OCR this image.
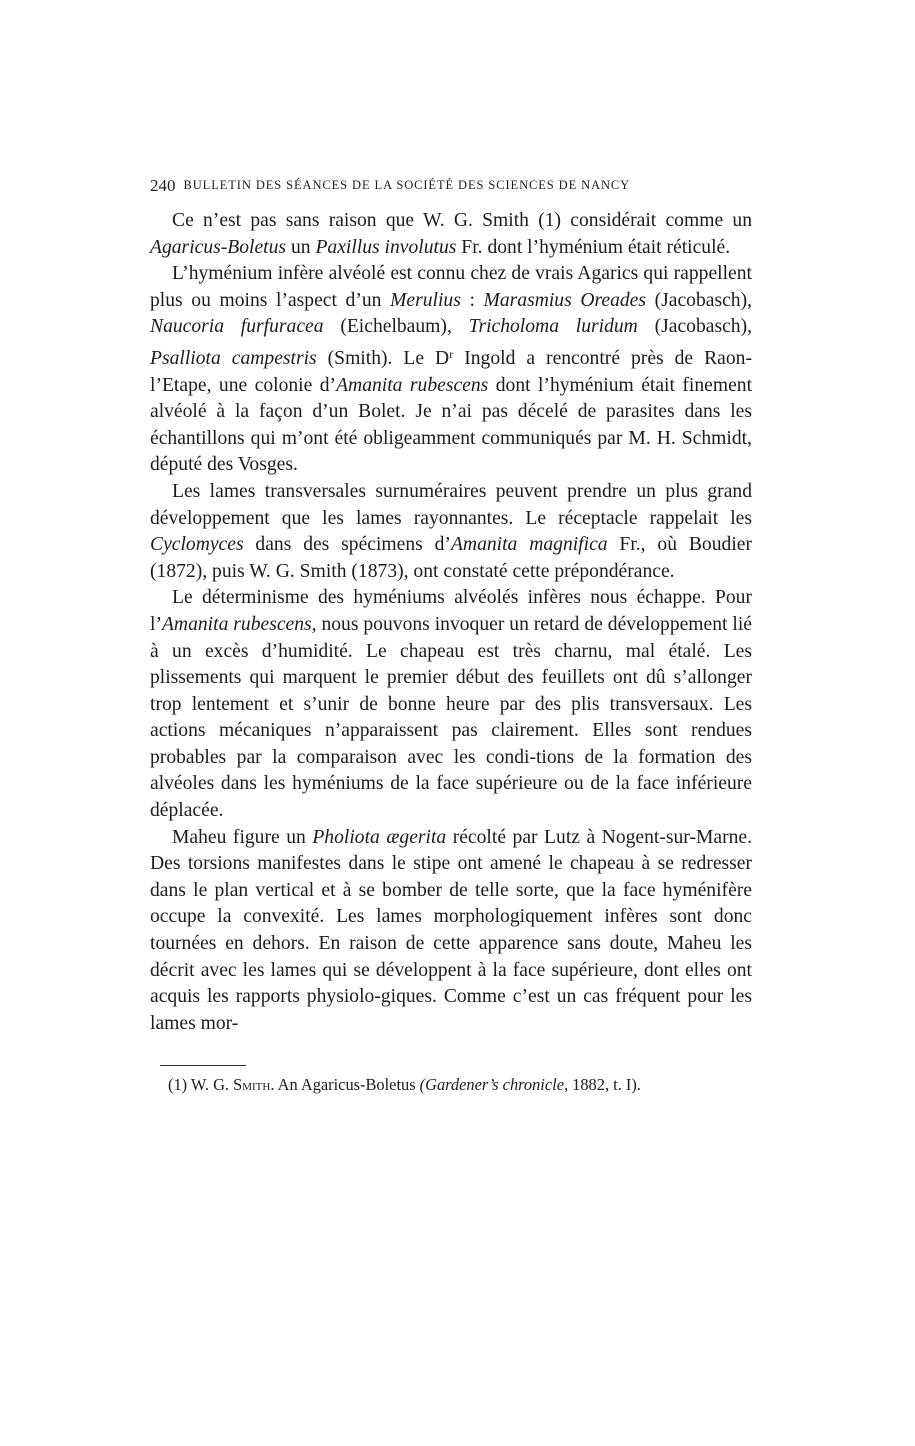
240 BULLETIN DES SÉANCES DE LA SOCIÉTÉ DES SCIENCES DE NANCY

Ce n’est pas sans raison que W. G. Smith (1) considérait comme un Agaricus-Boletus un Paxillus involutus Fr. dont l’hyménium était réticulé.

L’hyménium infère alvéolé est connu chez de vrais Agarics qui rappellent plus ou moins l’aspect d’un Merulius : Marasmius Oreades (Jacobasch), Naucoria furfuracea (Eichelbaum), Tricholoma luridum (Jacobasch), Psalliota campestris (Smith). Le $D^r$ Ingold a rencontré près de Raon-l’Etape, une colonie d’Amanita rubescens dont l’hyménium était finement alvéolé à la façon d’un Bolet. Je n’ai pas décelé de parasites dans les échantillons qui m’ont été obligeamment communiqués par M. H. Schmidt, député des Vosges.

Les lames transversales surnuméraires peuvent prendre un plus grand développement que les lames rayonnantes. Le réceptacle rappelait les Cyclomyces dans des spécimens d’Amanita magnifica Fr., où Boudier (1872), puis W. G. Smith (1873), ont constaté cette prépondérance.

Le déterminisme des hyméniums alvéolés infères nous échappe. Pour l’Amanita rubescens, nous pouvons invoquer un retard de développement lié à un excès d’humidité. Le chapeau est très charnu, mal étalé. Les plissements qui marquent le premier début des feuillets ont dû s’allonger trop lentement et s’unir de bonne heure par des plis transversaux. Les actions mécaniques n’apparaissent pas clairement. Elles sont rendues probables par la comparaison avec les condi-tions de la formation des alvéoles dans les hyméniums de la face supérieure ou de la face inférieure déplacée.

Maheu figure un Pholiota ægerita récolté par Lutz à Nogent-sur-Marne. Des torsions manifestes dans le stipe ont amené le chapeau à se redresser dans le plan vertical et à se bomber de telle sorte, que la face hyménifère occupe la convexité. Les lames morphologiquement infères sont donc tournées en dehors. En raison de cette apparence sans doute, Maheu les décrit avec les lames qui se développent à la face supérieure, dont elles ont acquis les rapports physiolo-giques. Comme c’est un cas fréquent pour les lames mor-

(1) W. G. Smith. An Agaricus-Boletus (Gardener’s chronicle, 1882, t. I).
